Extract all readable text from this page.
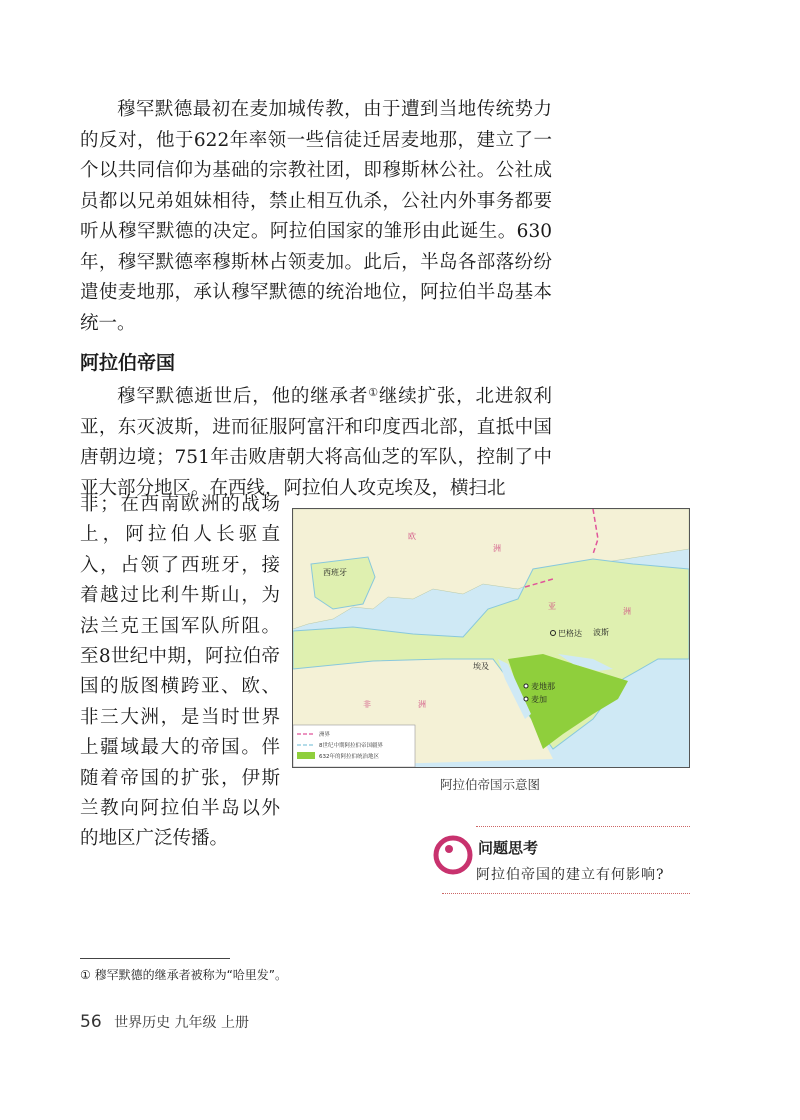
穆罕默德最初在麦加城传教，由于遭到当地传统势力的反对，他于622年率领一些信徒迁居麦地那，建立了一个以共同信仰为基础的宗教社团，即穆斯林公社。公社成员都以兄弟姐妹相待，禁止相互仇杀，公社内外事务都要听从穆罕默德的决定。阿拉伯国家的雏形由此诞生。630年，穆罕默德率穆斯林占领麦加。此后，半岛各部落纷纷遣使麦地那，承认穆罕默德的统治地位，阿拉伯半岛基本统一。

阿拉伯帝国

穆罕默德逝世后，他的继承者①继续扩张，北进叙利亚，东灭波斯，进而征服阿富汗和印度西北部，直抵中国唐朝边境；751年击败唐朝大将高仙芝的军队，控制了中亚大部分地区。在西线，阿拉伯人攻克埃及，横扫北

非；在西南欧洲的战场上，阿拉伯人长驱直入，占领了西班牙，接着越过比利牛斯山，为法兰克王国军队所阻。至8世纪中期，阿拉伯帝国的版图横跨亚、欧、非三大洲，是当时世界上疆域最大的帝国。伴随着帝国的扩张，伊斯兰教向阿拉伯半岛以外的地区广泛传播。

欧
洲
亚
洲
非	洲
西班牙
埃及
波斯
巴格达
麦地那
麦加
洲界
8世纪中期阿拉伯帝国疆界
632年的阿拉伯统治地区
阿拉伯帝国示意图
问题思考
阿拉伯帝国的建立有何影响?
① 穆罕默德的继承者被称为“哈里发”。
56 世界历史 九年级 上册
